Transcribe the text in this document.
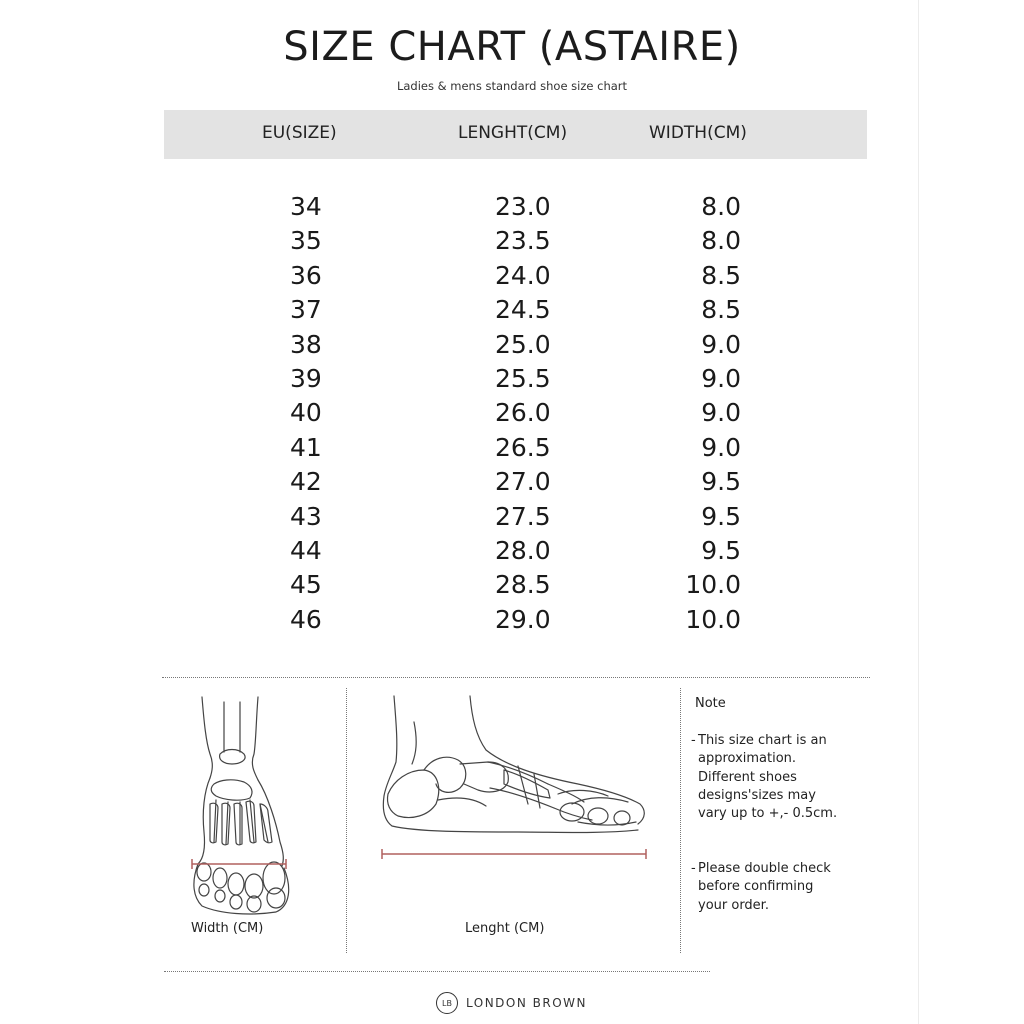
SIZE CHART (ASTAIRE)
Ladies & mens standard shoe size chart
EU(SIZE)	LENGHT(CM)	WIDTH(CM)
34	23.0	8.0
35	23.5	8.0
36	24.0	8.5
37	24.5	8.5
38	25.0	9.0
39	25.5	9.0
40	26.0	9.0
41	26.5	9.0
42	27.0	9.5
43	27.5	9.5
44	28.0	9.5
45	28.5	10.0
46	29.0	10.0
Width (CM)	Lenght (CM)
Note
- This size chart is an approximation. Different shoes designs'sizes may vary up to +,- 0.5cm.
- Please double check before confirming your order.
LB	LONDON BROWN
